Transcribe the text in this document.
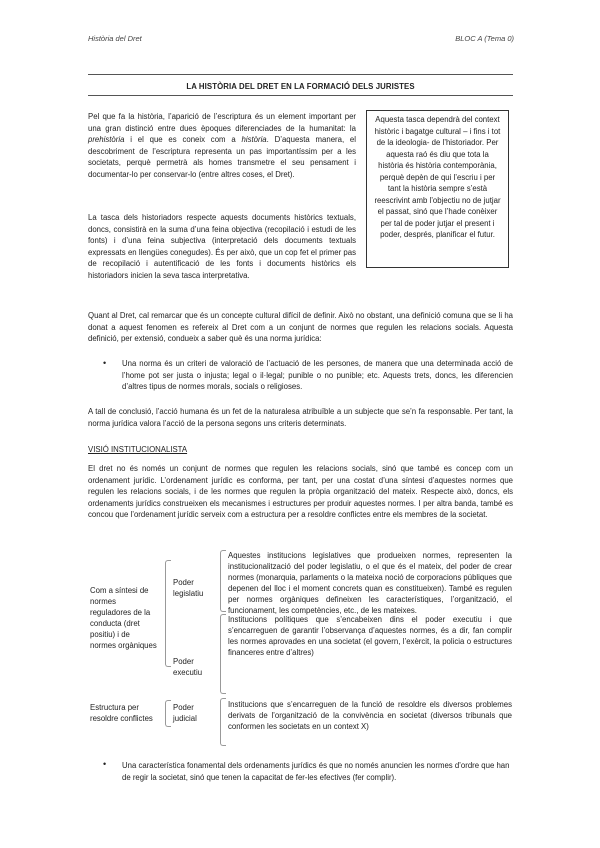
Història del Dret	BLOC A (Tema 0)
LA HISTÒRIA DEL DRET EN LA FORMACIÓ DELS JURISTES

Pel que fa la història, l’aparició de l’escriptura és un element important per una gran distinció entre dues èpoques diferenciades de la humanitat: la prehistòria i el que es coneix com a història. D’aquesta manera, el descobriment de l’escriptura representa un pas importantíssim per a les societats, perquè permetrà als homes transmetre el seu pensament i documentar-lo per conservar-lo (entre altres coses, el Dret).

La tasca dels historiadors respecte aquests documents històrics textuals, doncs, consistirà en la suma d’una feina objectiva (recopilació i estudi de les fonts) i d’una feina subjectiva (interpretació dels documents textuals expressats en llengües conegudes). És per això, que un cop fet el primer pas de recopilació i autentificació de les fonts i documents històrics els historiadors inicien la seva tasca interpretativa.

Aquesta tasca dependrà del context històric i bagatge cultural – i fins i tot de la ideologia- de l’historiador. Per aquesta raó és diu que tota la història és història contemporània, perquè depèn de qui l’escriu i per tant la història sempre s’està reescrivint amb l’objectiu no de jutjar el passat, sinó que l’hade conèixer per tal de poder jutjar el present i poder, després, planificar el futur.

Quant al Dret, cal remarcar que és un concepte cultural difícil de definir. Això no obstant, una definició comuna que se li ha donat a aquest fenomen es refereix al Dret com a un conjunt de normes que regulen les relacions socials. Aquesta definició, per extensió, condueix a saber què és una norma jurídica:

• Una norma és un criteri de valoració de l’actuació de les persones, de manera que una determinada acció de l’home pot ser justa o injusta; legal o il·legal; punible o no punible; etc. Aquests trets, doncs, les diferencien d’altres tipus de normes morals, socials o religioses.

A tall de conclusió, l’acció humana és un fet de la naturalesa atribuïble a un subjecte que se’n fa responsable. Per tant, la norma jurídica valora l’acció de la persona segons uns criteris determinats.

VISIÓ INSTITUCIONALISTA

El dret no és només un conjunt de normes que regulen les relacions socials, sinó que també es concep com un ordenament jurídic. L’ordenament jurídic es conforma, per tant, per una costat d’una síntesi d’aquestes normes que regulen les relacions socials, i de les normes que regulen la pròpia organització del mateix. Respecte això, doncs, els ordenaments jurídics construeixen els mecanismes i estructures per produir aquestes normes. I per altra banda, també es concou que l’ordenament jurídic serveix com a estructura per a resoldre conflictes entre els membres de la societat.

Com a síntesi de normes reguladores de la conducta (dret positiu) i de normes orgàniques
Estructura per resoldre conflictes
Poder legislatiu
Poder executiu
Poder judicial
Aquestes institucions legislatives que produeixen normes, representen la institucionalització del poder legislatiu, o el que és el mateix, del poder de crear normes (monarquia, parlaments o la mateixa noció de corporacions públiques que depenen del lloc i el moment concrets quan es constitueixen). També es regulen per normes orgàniques defineixen les característiques, l’organització, el funcionament, les competències, etc., de les mateixes.
Institucions polítiques que s’encabeixen dins el poder executiu i que s’encarreguen de garantir l’observança d’aquestes normes, és a dir, fan complir les normes aprovades en una societat (el govern, l’exèrcit, la policia o estructures financeres entre d’altres)
Institucions que s’encarreguen de la funció de resoldre els diversos problemes derivats de l’organització de la convivència en societat (diversos tribunals que conformen les societats en un context X)
• Una característica fonamental dels ordenaments jurídics és que no només anuncien les normes d’ordre que han de regir la societat, sinó que tenen la capacitat de fer-les efectives (fer complir).
